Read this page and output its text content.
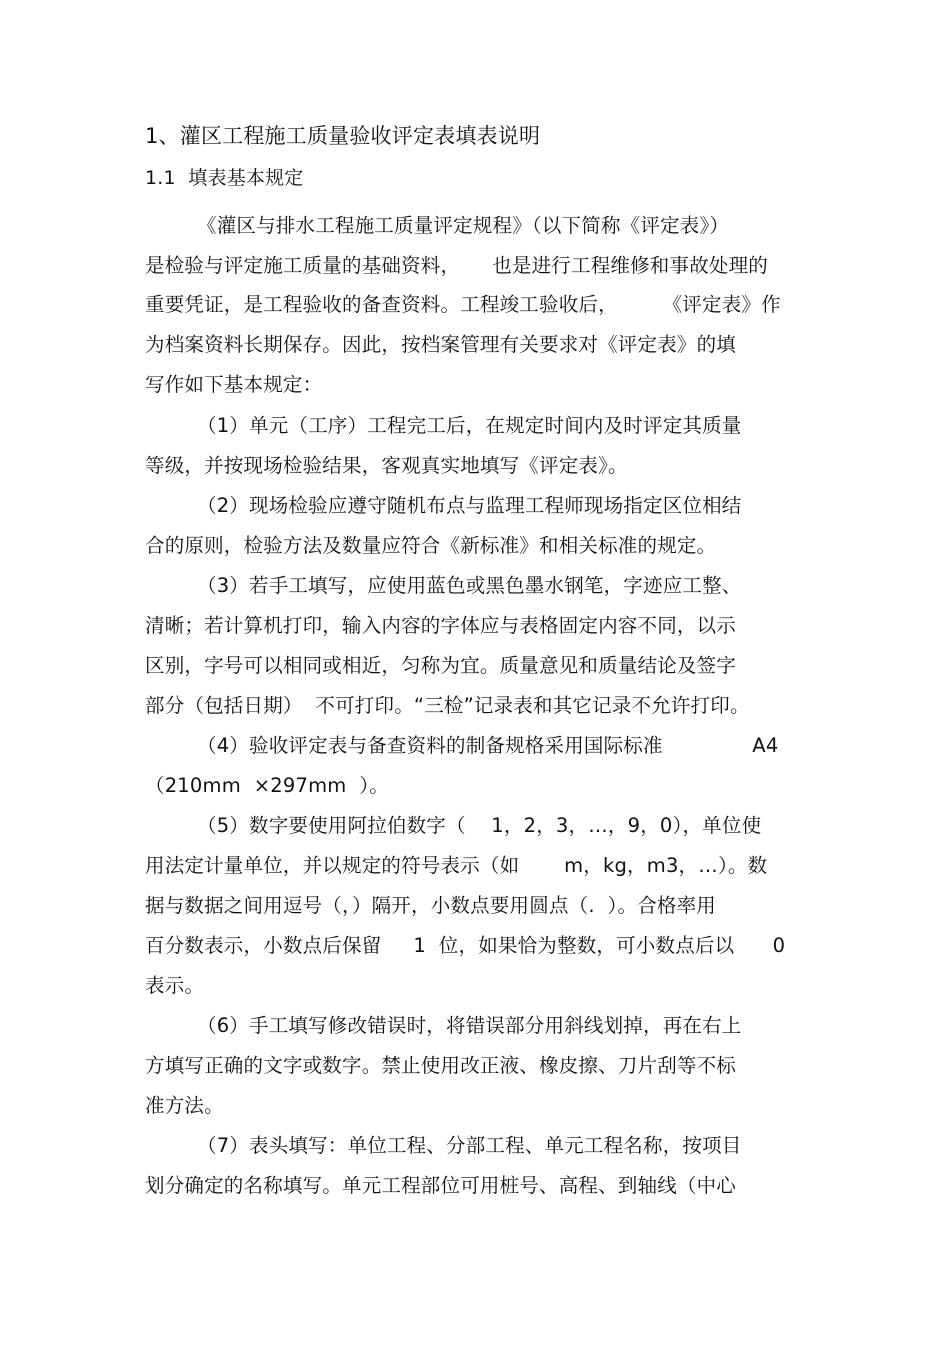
1、灌区工程施工质量验收评定表填表说明
1.1  填表基本规定
《灌区与排水工程施工质量评定规程》（以下简称《评定表》）
是检验与评定施工质量的基础资料，     也是进行工程维修和事故处理的
重要凭证，是工程验收的备查资料。工程竣工验收后，       《评定表》作
为档案资料长期保存。因此，按档案管理有关要求对《评定表》的填
写作如下基本规定：
（1）单元（工序）工程完工后，在规定时间内及时评定其质量
等级，并按现场检验结果，客观真实地填写《评定表》。
（2）现场检验应遵守随机布点与监理工程师现场指定区位相结
合的原则，检验方法及数量应符合《新标准》和相关标准的规定。
（3）若手工填写，应使用蓝色或黑色墨水钢笔，字迹应工整、
清晰；若计算机打印，输入内容的字体应与表格固定内容不同，以示
区别，字号可以相同或相近，匀称为宜。质量意见和质量结论及签字
部分（包括日期）  不可打印。“三检”记录表和其它记录不允许打印。
（4）验收评定表与备查资料的制备规格采用国际标准              A4
（210mm  ×297mm  ）。
（5）数字要使用阿拉伯数字（    1，2，3，…，9，0），单位使
用法定计量单位，并以规定的符号表示（如       m，kg，m3，…）。数
据与数据之间用逗号（，）隔开，小数点要用圆点（.  ）。合格率用
百分数表示，小数点后保留     1  位，如果恰为整数，可小数点后以      0
表示。
（6）手工填写修改错误时，将错误部分用斜线划掉，再在右上
方填写正确的文字或数字。禁止使用改正液、橡皮擦、刀片刮等不标
准方法。
（7）表头填写：单位工程、分部工程、单元工程名称，按项目
划分确定的名称填写。单元工程部位可用桩号、高程、到轴线（中心
